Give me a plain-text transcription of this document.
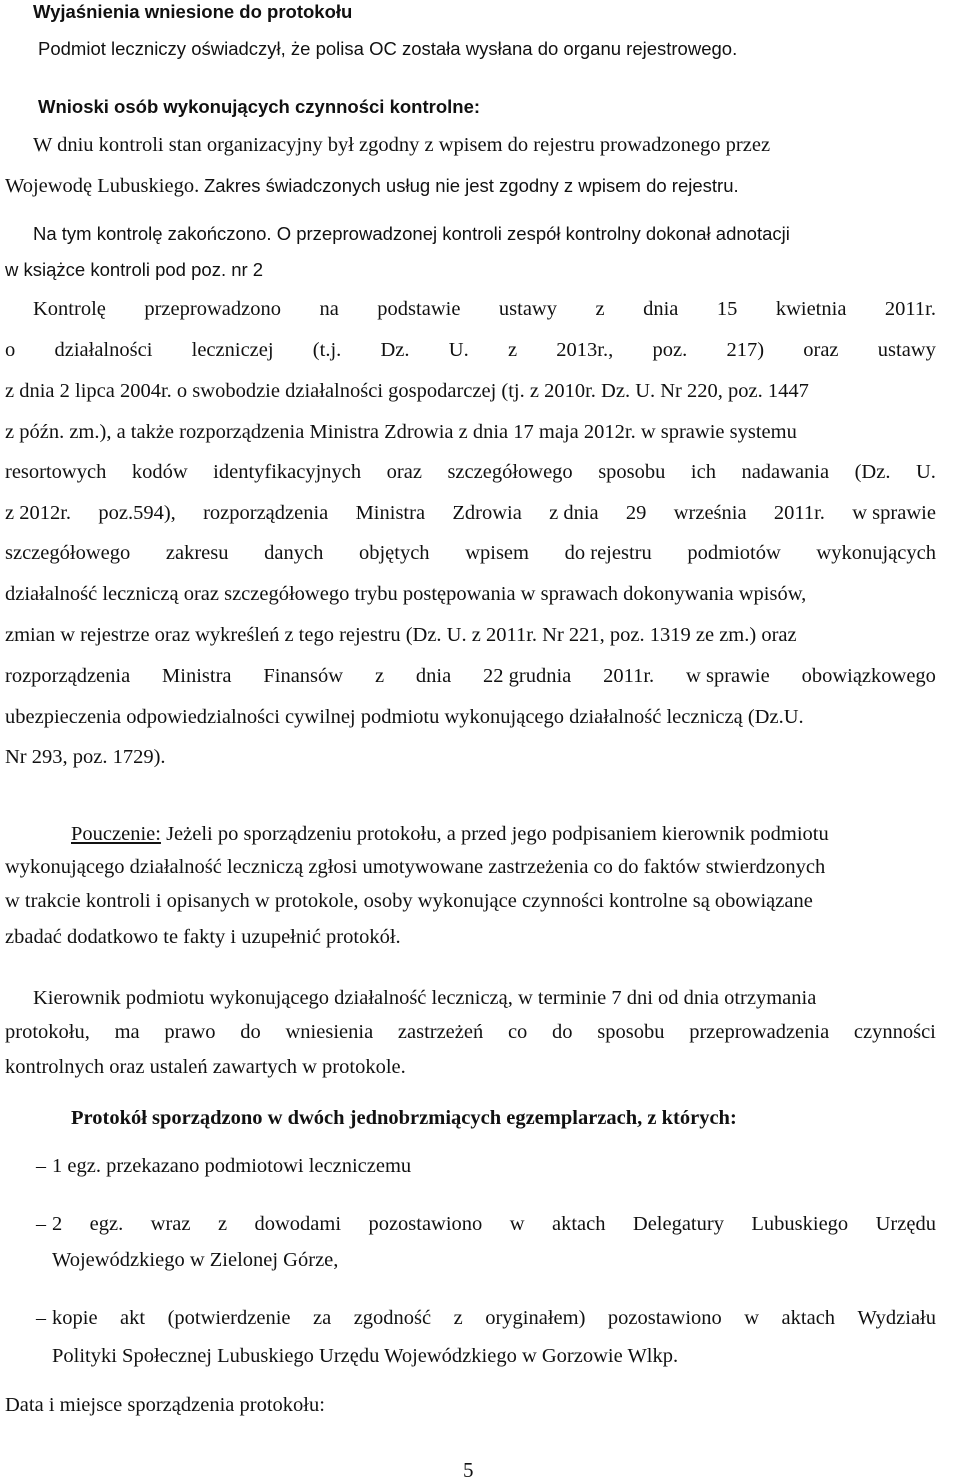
Wyjaśnienia wniesione do protokołu
Podmiot leczniczy oświadczył, że polisa OC została wysłana do organu rejestrowego.
Wnioski osób wykonujących czynności kontrolne:
W dniu kontroli stan organizacyjny był zgodny z wpisem do rejestru prowadzonego przez
Wojewodę Lubuskiego. Zakres świadczonych usług nie jest zgodny z wpisem do rejestru.
Na tym kontrolę zakończono. O przeprowadzonej kontroli zespół kontrolny dokonał adnotacji
w książce kontroli pod poz. nr 2
Kontrolę przeprowadzono na podstawie ustawy z dnia 15 kwietnia 2011r.
o działalności leczniczej (t.j. Dz. U. z 2013r., poz. 217) oraz ustawy
z dnia 2 lipca 2004r. o swobodzie działalności gospodarczej (tj. z 2010r. Dz. U. Nr 220, poz. 1447
z późn. zm.), a także rozporządzenia Ministra Zdrowia z dnia 17 maja 2012r. w sprawie systemu
resortowych kodów identyfikacyjnych oraz szczegółowego sposobu ich nadawania (Dz. U.
z 2012r. poz.594), rozporządzenia Ministra Zdrowia z dnia 29 września 2011r. w sprawie
szczegółowego zakresu danych objętych wpisem do rejestru podmiotów wykonujących
działalność leczniczą oraz szczegółowego trybu postępowania w sprawach dokonywania wpisów,
zmian w rejestrze oraz wykreśleń z tego rejestru (Dz. U. z 2011r. Nr 221, poz. 1319 ze zm.) oraz
rozporządzenia Ministra Finansów z dnia 22 grudnia 2011r. w sprawie obowiązkowego
ubezpieczenia odpowiedzialności cywilnej podmiotu wykonującego działalność leczniczą (Dz.U.
Nr 293, poz. 1729).
Pouczenie: Jeżeli po sporządzeniu protokołu, a przed jego podpisaniem kierownik podmiotu
wykonującego działalność leczniczą zgłosi umotywowane zastrzeżenia co do faktów stwierdzonych
w trakcie kontroli i opisanych w protokole, osoby wykonujące czynności kontrolne są obowiązane
zbadać dodatkowo te fakty i uzupełnić protokół.
Kierownik podmiotu wykonującego działalność leczniczą, w terminie 7 dni od dnia otrzymania
protokołu, ma prawo do wniesienia zastrzeżeń co do sposobu przeprowadzenia czynności
kontrolnych oraz ustaleń zawartych w protokole.
Protokół sporządzono w dwóch jednobrzmiących egzemplarzach, z których:
– 1 egz. przekazano podmiotowi leczniczemu
– 2 egz. wraz z dowodami pozostawiono w aktach Delegatury Lubuskiego Urzędu
Wojewódzkiego w Zielonej Górze,
– kopie akt (potwierdzenie za zgodność z oryginałem) pozostawiono w aktach Wydziału
Polityki Społecznej Lubuskiego Urzędu Wojewódzkiego w Gorzowie Wlkp.
Data i miejsce sporządzenia protokołu:
5
